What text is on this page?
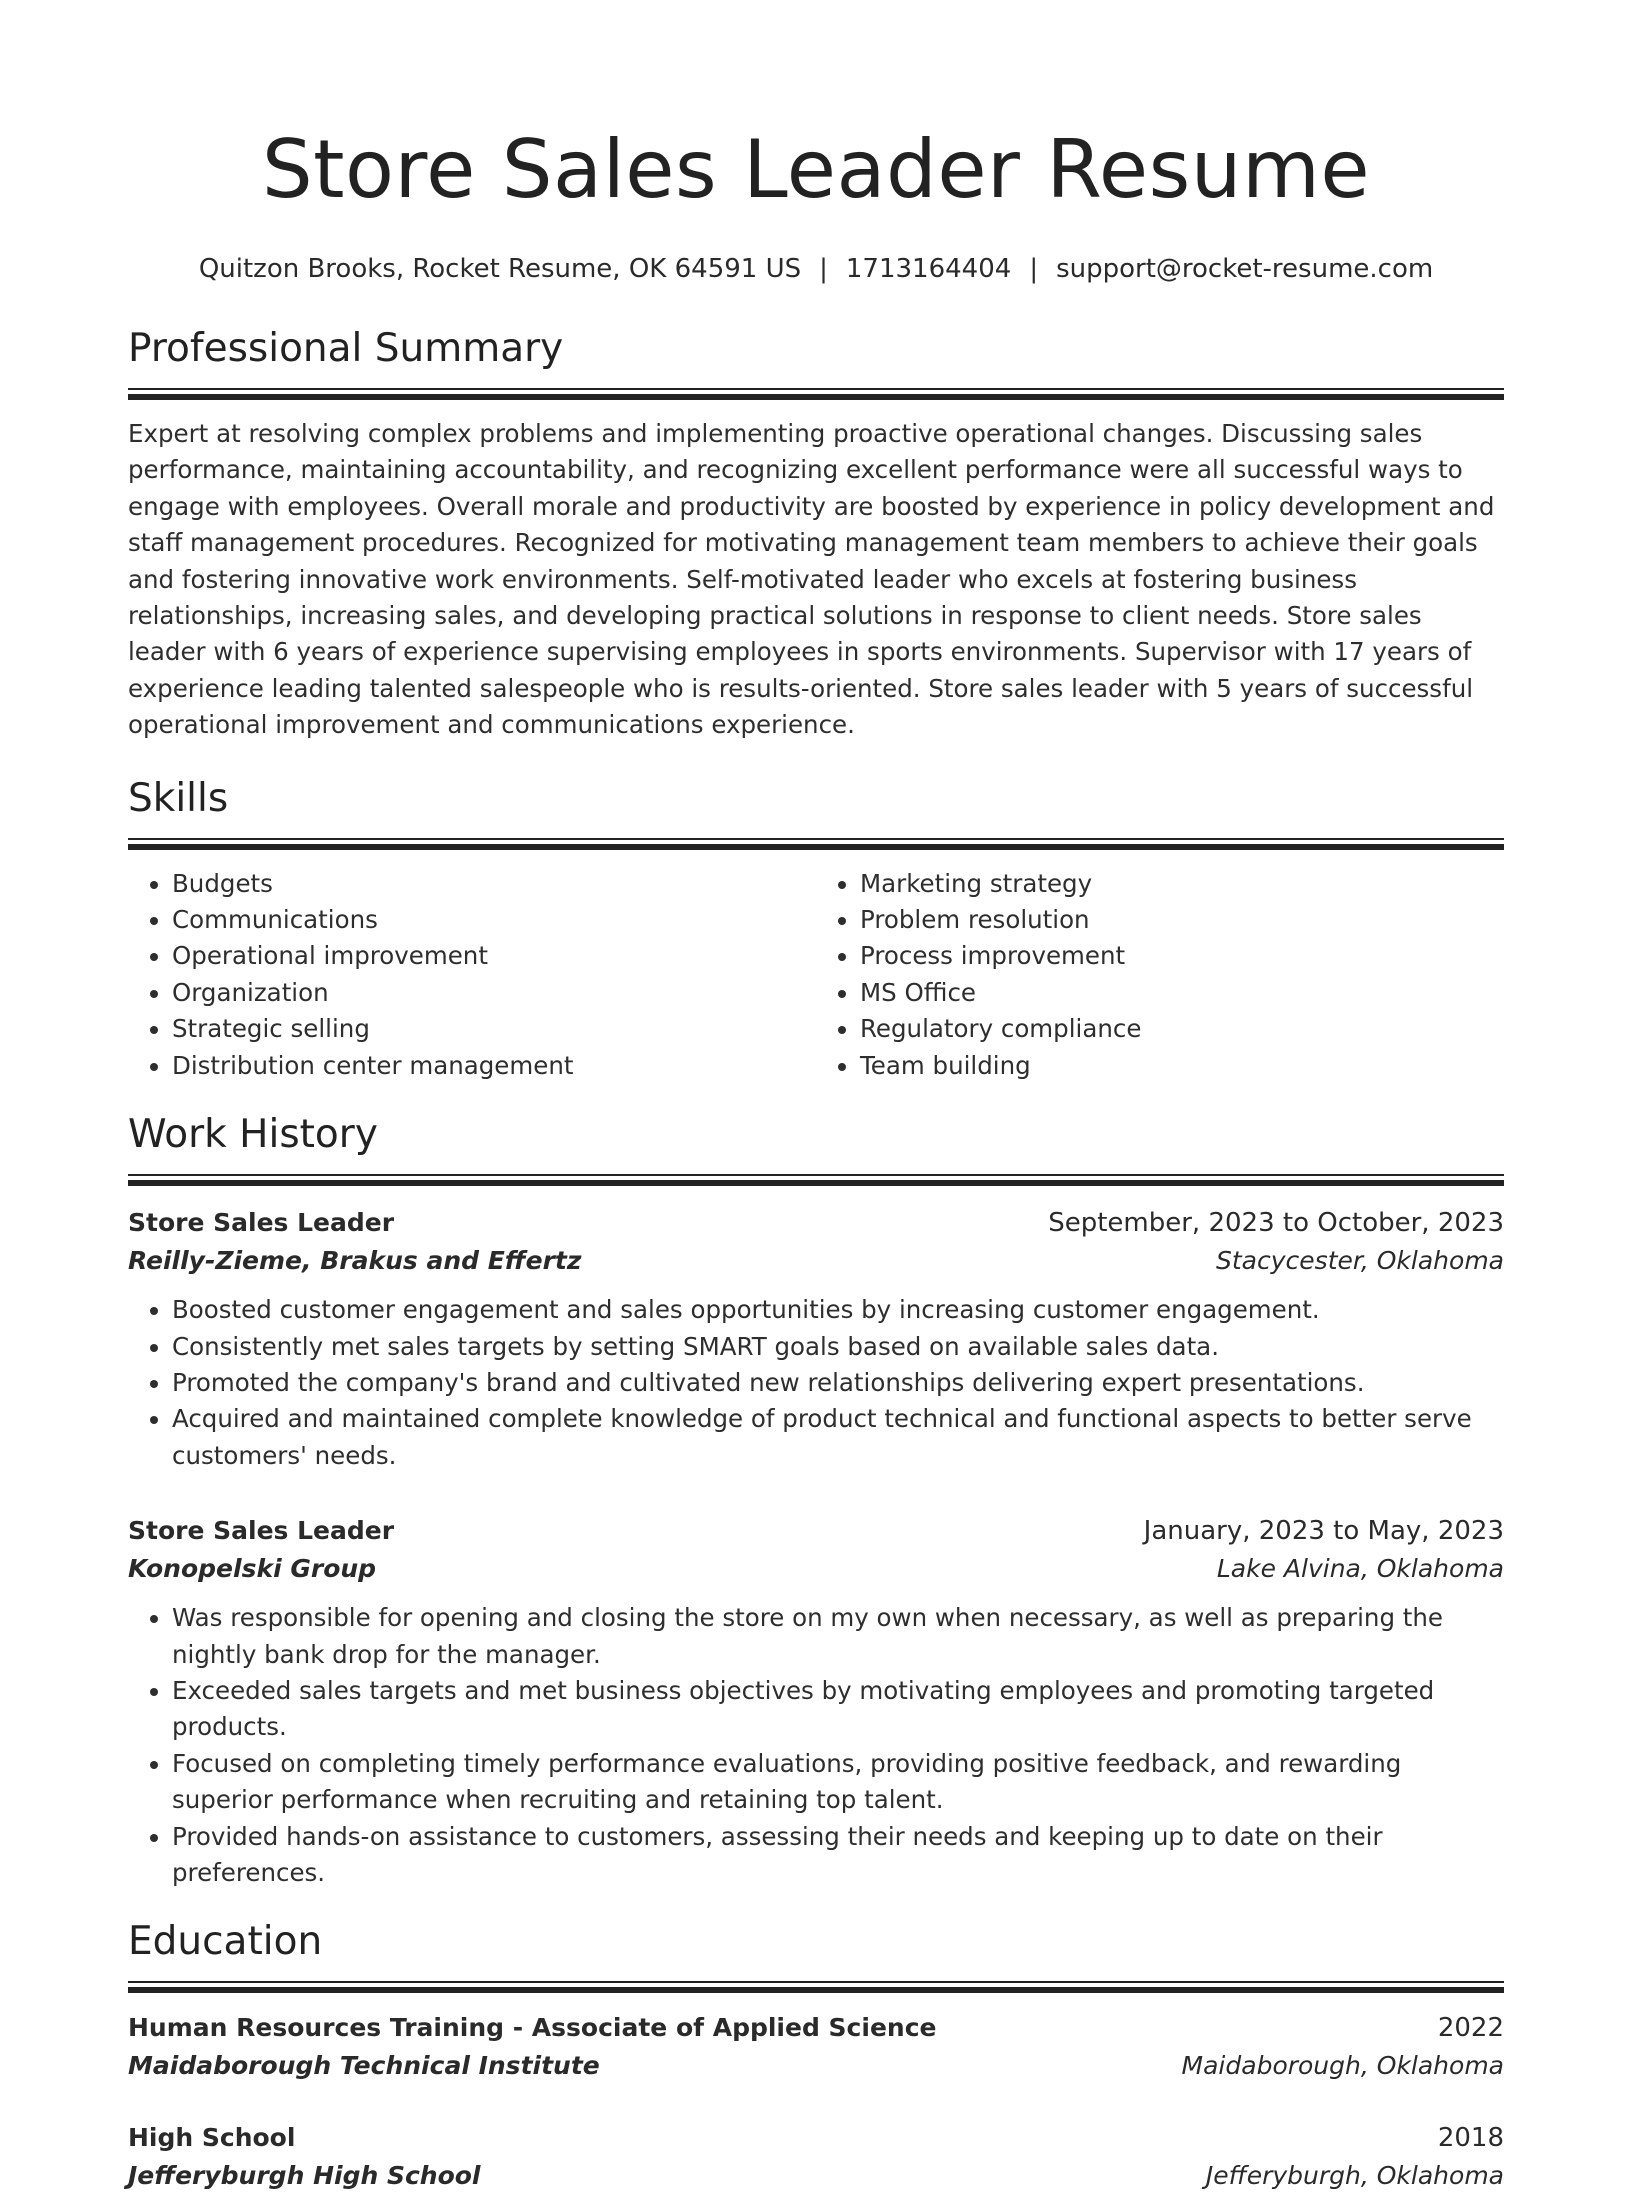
Store Sales Leader Resume
Quitzon Brooks, Rocket Resume, OK 64591 US | 1713164404 | support@rocket-resume.com
Professional Summary
Expert at resolving complex problems and implementing proactive operational changes. Discussing sales performance, maintaining accountability, and recognizing excellent performance were all successful ways to engage with employees. Overall morale and productivity are boosted by experience in policy development and staff management procedures. Recognized for motivating management team members to achieve their goals and fostering innovative work environments. Self-motivated leader who excels at fostering business relationships, increasing sales, and developing practical solutions in response to client needs. Store sales leader with 6 years of experience supervising employees in sports environments. Supervisor with 17 years of experience leading talented salespeople who is results-oriented. Store sales leader with 5 years of successful operational improvement and communications experience.
Skills
• Budgets
• Communications
• Operational improvement
• Organization
• Strategic selling
• Distribution center management
• Marketing strategy
• Problem resolution
• Process improvement
• MS Office
• Regulatory compliance
• Team building
Work History
Store Sales Leader	September, 2023 to October, 2023
Reilly-Zieme, Brakus and Effertz	Stacycester, Oklahoma
• Boosted customer engagement and sales opportunities by increasing customer engagement.
• Consistently met sales targets by setting SMART goals based on available sales data.
• Promoted the company's brand and cultivated new relationships delivering expert presentations.
• Acquired and maintained complete knowledge of product technical and functional aspects to better serve customers' needs.
Store Sales Leader	January, 2023 to May, 2023
Konopelski Group	Lake Alvina, Oklahoma
• Was responsible for opening and closing the store on my own when necessary, as well as preparing the nightly bank drop for the manager.
• Exceeded sales targets and met business objectives by motivating employees and promoting targeted products.
• Focused on completing timely performance evaluations, providing positive feedback, and rewarding superior performance when recruiting and retaining top talent.
• Provided hands-on assistance to customers, assessing their needs and keeping up to date on their preferences.
Education
Human Resources Training - Associate of Applied Science	2022
Maidaborough Technical Institute	Maidaborough, Oklahoma
High School	2018
Jefferyburgh High School	Jefferyburgh, Oklahoma
